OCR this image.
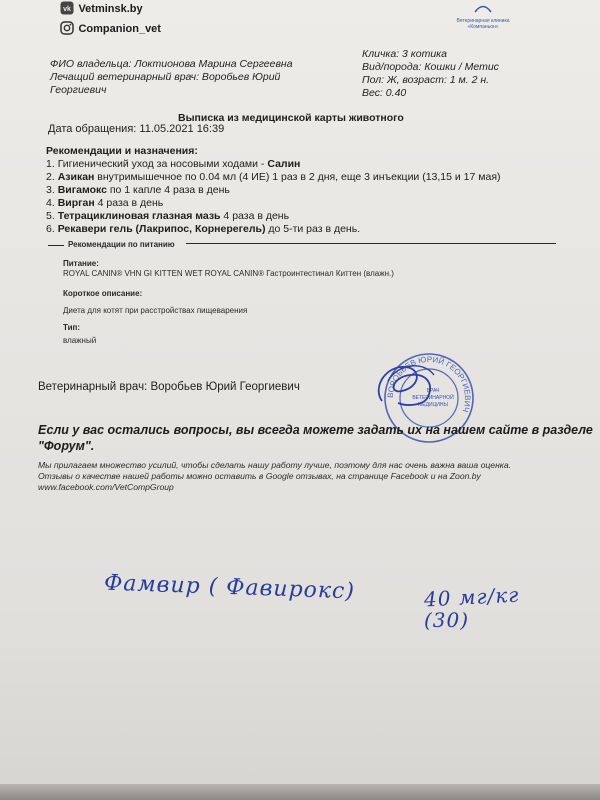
vk Vetminsk.by
Companion_vet
Ветеринарная клиника
«Компаньон»
ФИО владельца: Локтионова Марина Сергеевна
Лечащий ветеринарный врач: Воробьев Юрий
Георгиевич
Кличка: 3 котика
Вид/порода: Кошки / Метис
Пол: Ж, возраст: 1 м. 2 н.
Вес: 0.40
Выписка из медицинской карты животного
Дата обращения: 11.05.2021 16:39
Рекомендации и назначения:
1. Гигиенический уход за носовыми ходами - Салин
2. Азикан внутримышечное по 0.04 мл (4 ИЕ) 1 раз в 2 дня, еще 3 инъекции (13,15 и 17 мая)
3. Вигамокс по 1 капле 4 раза в день
4. Вирган 4 раза в день
5. Тетрациклиновая глазная мазь 4 раза в день
6. Рекавери гель (Лакрипос, Корнерегель) до 5-ти раз в день.
Рекомендации по питанию
Питание:
ROYAL CANIN® VHN GI KITTEN WET ROYAL CANIN® Гастроинтестинал Киттен (влажн.)
Короткое описание:
Диета для котят при расстройствах пищеварения
Тип:
влажный
Ветеринарный врач: Воробьев Юрий Георгиевич
ВОРОБЬЕВ ЮРИЙ ГЕОРГИЕВИЧ
ВРАЧ
ВЕТЕРИНАРНОЙ
МЕДИЦИНЫ
Если у вас остались вопросы, вы всегда можете задать их на нашем сайте в разделе
"Форум".
Мы прилагаем множество усилий, чтобы сделать нашу работу лучше, поэтому для нас очень важна ваша оценка.
Отзывы о качестве нашей работы можно оставить в Google отзывах, на странице Facebook и на Zoon.by
www.facebook.com/VetCompGroup
Фамвир ( Фавирокс)	40 мг/кг
(30)
